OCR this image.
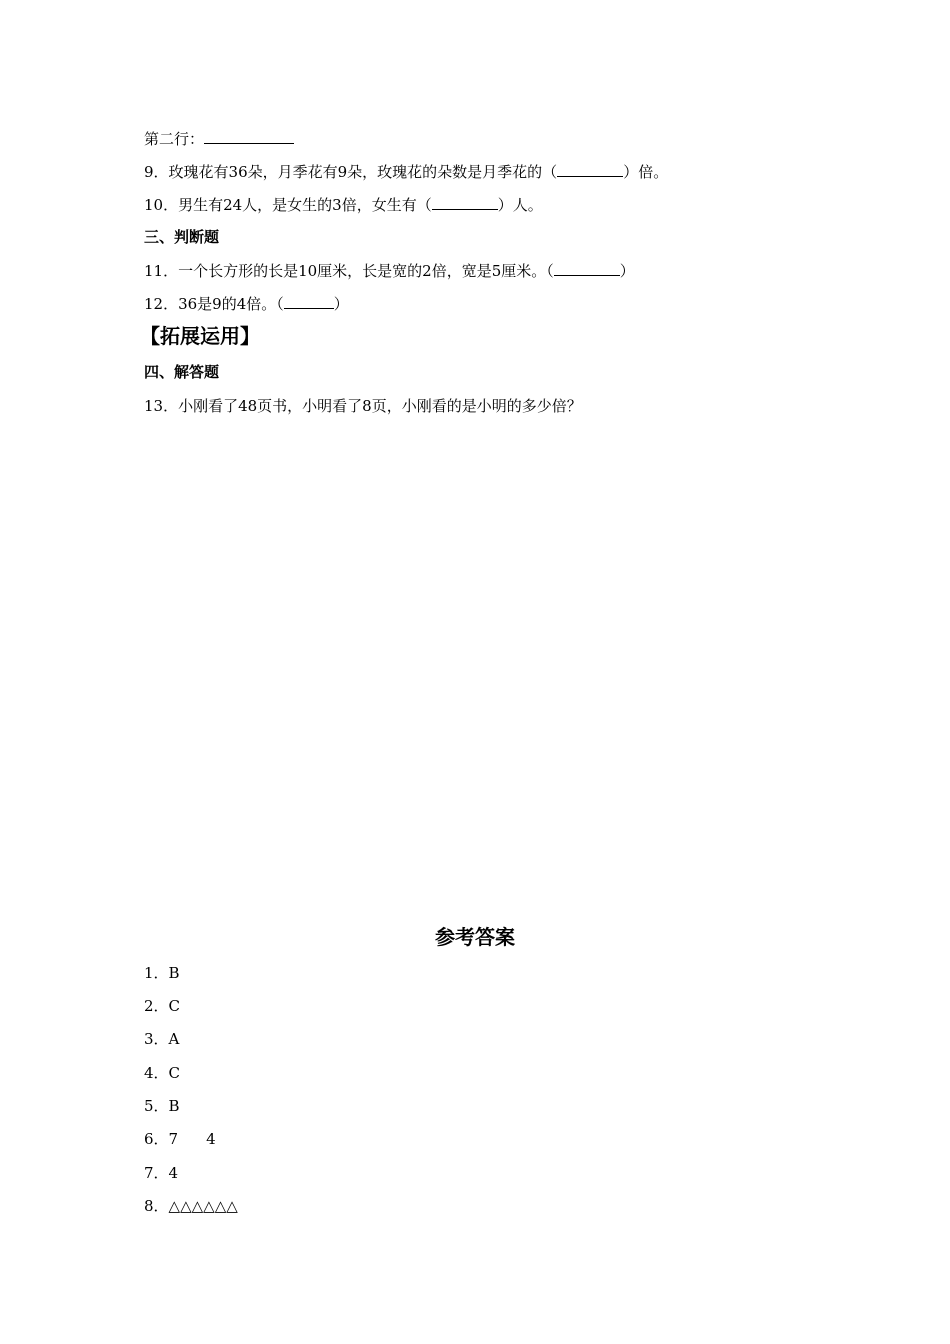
第二行：
9．玫瑰花有36朵，月季花有9朵，玫瑰花的朵数是月季花的（	）倍。
10．男生有24人，是女生的3倍，女生有（	）人。
三、判断题
11．一个长方形的长是10厘米，长是宽的2倍，宽是5厘米。（	）
12．36是9的4倍。（	）
【拓展运用】
四、解答题
13．小刚看了48页书，小明看了8页，小刚看的是小明的多少倍？
参考答案
1．B
2．C
3．A
4．C
5．B
6．7 4
7．4
8．△△△△△△
